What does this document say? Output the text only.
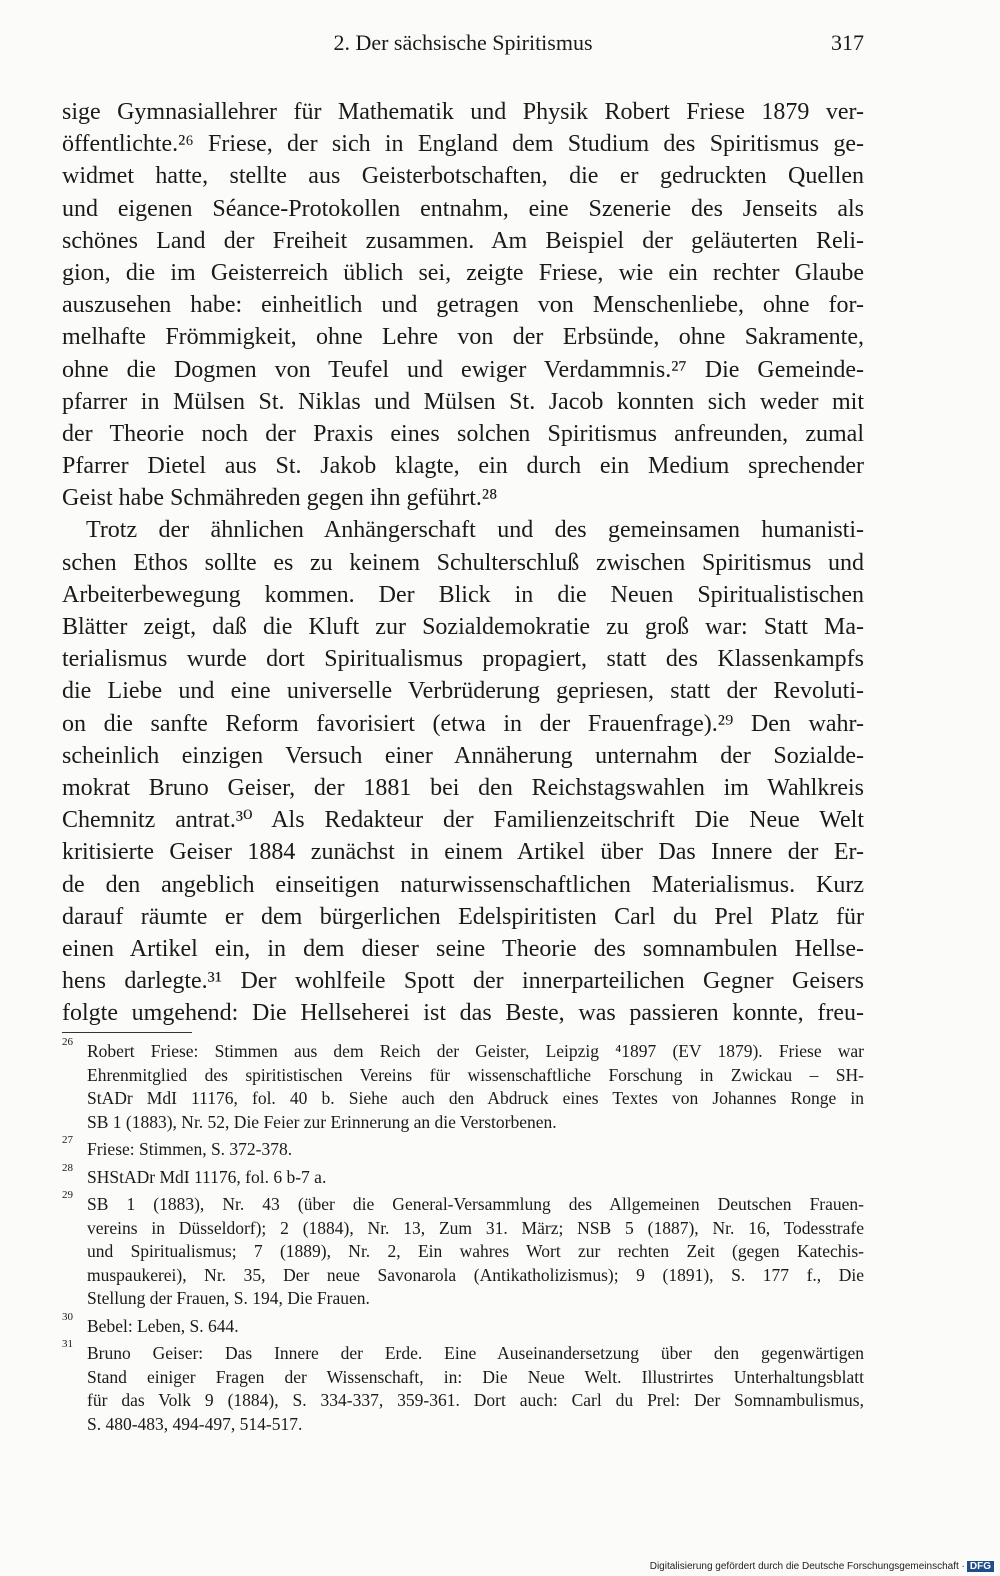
2. Der sächsische Spiritismus	317
sige Gymnasiallehrer für Mathematik und Physik Robert Friese 1879 ver-
öffentlichte.²⁶ Friese, der sich in England dem Studium des Spiritismus ge-
widmet hatte, stellte aus Geisterbotschaften, die er gedruckten Quellen
und eigenen Séance-Protokollen entnahm, eine Szenerie des Jenseits als
schönes Land der Freiheit zusammen. Am Beispiel der geläuterten Reli-
gion, die im Geisterreich üblich sei, zeigte Friese, wie ein rechter Glaube
auszusehen habe: einheitlich und getragen von Menschenliebe, ohne for-
melhafte Frömmigkeit, ohne Lehre von der Erbsünde, ohne Sakramente,
ohne die Dogmen von Teufel und ewiger Verdammnis.²⁷ Die Gemeinde-
pfarrer in Mülsen St. Niklas und Mülsen St. Jacob konnten sich weder mit
der Theorie noch der Praxis eines solchen Spiritismus anfreunden, zumal
Pfarrer Dietel aus St. Jakob klagte, ein durch ein Medium sprechender
Geist habe Schmähreden gegen ihn geführt.²⁸
Trotz der ähnlichen Anhängerschaft und des gemeinsamen humanisti-
schen Ethos sollte es zu keinem Schulterschluß zwischen Spiritismus und
Arbeiterbewegung kommen. Der Blick in die Neuen Spiritualistischen
Blätter zeigt, daß die Kluft zur Sozialdemokratie zu groß war: Statt Ma-
terialismus wurde dort Spiritualismus propagiert, statt des Klassenkampfs
die Liebe und eine universelle Verbrüderung gepriesen, statt der Revoluti-
on die sanfte Reform favorisiert (etwa in der Frauenfrage).²⁹ Den wahr-
scheinlich einzigen Versuch einer Annäherung unternahm der Sozialde-
mokrat Bruno Geiser, der 1881 bei den Reichstagswahlen im Wahlkreis
Chemnitz antrat.³⁰ Als Redakteur der Familienzeitschrift Die Neue Welt
kritisierte Geiser 1884 zunächst in einem Artikel über Das Innere der Er-
de den angeblich einseitigen naturwissenschaftlichen Materialismus. Kurz
darauf räumte er dem bürgerlichen Edelspiritisten Carl du Prel Platz für
einen Artikel ein, in dem dieser seine Theorie des somnambulen Hellse-
hens darlegte.³¹ Der wohlfeile Spott der innerparteilichen Gegner Geisers
folgte umgehend: Die Hellseherei ist das Beste, was passieren konnte, freu-
26 Robert Friese: Stimmen aus dem Reich der Geister, Leipzig ⁴1897 (EV 1879). Friese war
Ehrenmitglied des spiritistischen Vereins für wissenschaftliche Forschung in Zwickau – SH-
StADr MdI 11176, fol. 40 b. Siehe auch den Abdruck eines Textes von Johannes Ronge in
SB 1 (1883), Nr. 52, Die Feier zur Erinnerung an die Verstorbenen.
27 Friese: Stimmen, S. 372-378.
28 SHStADr MdI 11176, fol. 6 b-7 a.
29 SB 1 (1883), Nr. 43 (über die General-Versammlung des Allgemeinen Deutschen Frauen-
vereins in Düsseldorf); 2 (1884), Nr. 13, Zum 31. März; NSB 5 (1887), Nr. 16, Todesstrafe
und Spiritualismus; 7 (1889), Nr. 2, Ein wahres Wort zur rechten Zeit (gegen Katechis-
muspaukerei), Nr. 35, Der neue Savonarola (Antikatholizismus); 9 (1891), S. 177 f., Die
Stellung der Frauen, S. 194, Die Frauen.
30 Bebel: Leben, S. 644.
31 Bruno Geiser: Das Innere der Erde. Eine Auseinandersetzung über den gegenwärtigen
Stand einiger Fragen der Wissenschaft, in: Die Neue Welt. Illustrirtes Unterhaltungsblatt
für das Volk 9 (1884), S. 334-337, 359-361. Dort auch: Carl du Prel: Der Somnambulismus,
S. 480-483, 494-497, 514-517.
Digitalisierung gefördert durch die Deutsche Forschungsgemeinschaft · DFG
